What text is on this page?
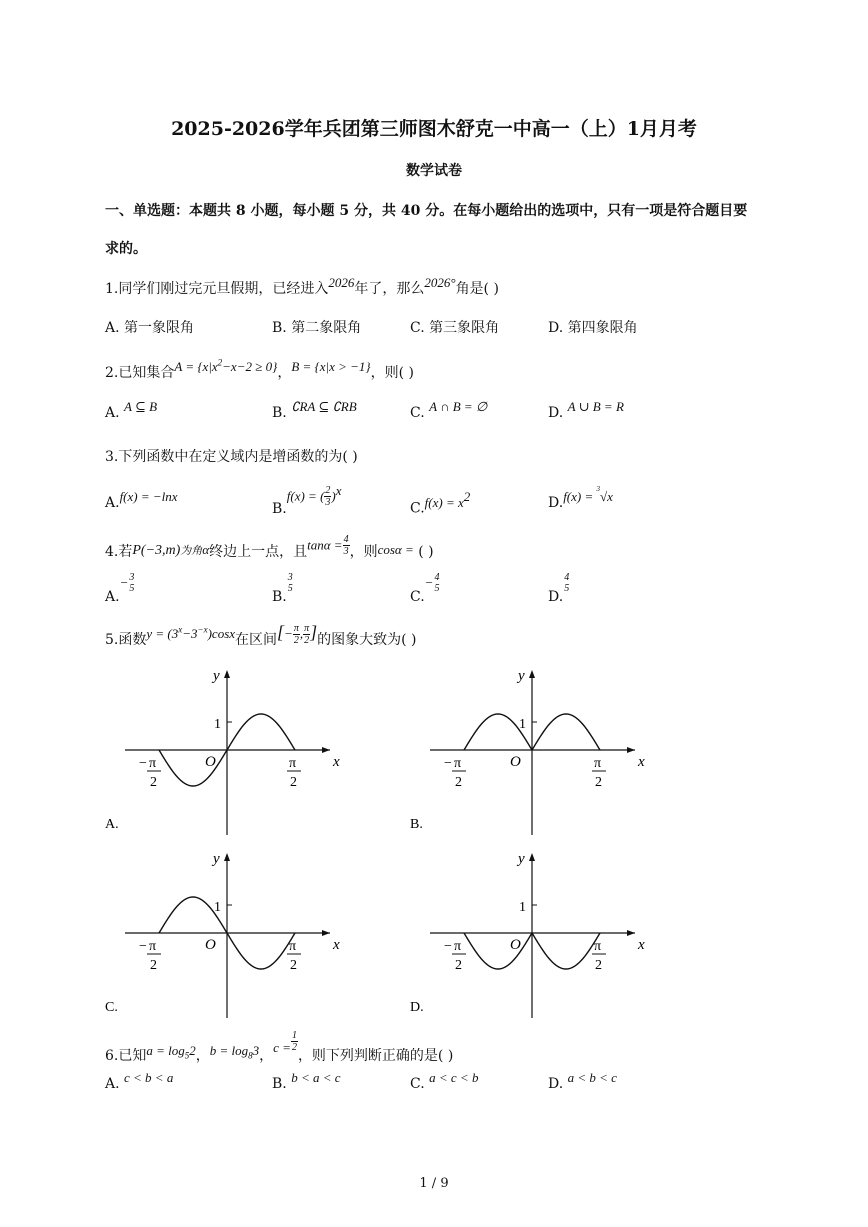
2025-2026学年兵团第三师图木舒克一中高一（上）1月月考
数学试卷
一、单选题：本题共 8 小题，每小题 5 分，共 40 分。在每小题给出的选项中，只有一项是符合题目要
求的。
1.同学们刚过完元旦假期，已经进入2026年了，那么2026°角是( )
A. 第一象限角	B. 第二象限角	C. 第三象限角	D. 第四象限角
2.已知集合$A = \{x|x^2-x-2 \ge 0\}$，B = {x|x > −1}，则( )
A. A ⊆ B	B. ∁RA ⊆ ∁RB	C. A ∩ B = ∅	D. A ∪ B = R
3.下列函数中在定义域内是增函数的为( )
A.f(x) = −lnx
B.f(x) = ( $\frac{2}{3} )^x$
$C.f(x) = x^2$	D.f(x) = $^3$√x
4.若$P(-3,m)_{为角}\alpha$终边上一点，且$\tan\alpha = \frac{4}{3}$ ，则cosα = ( )
A.− 3
5
B.
3
5
C.− 4
5
D.
4
5
5.函数$y = (3^x-3^{-x})\cos x$在区间[− $\frac{\pi}{2}$ , $\frac{\pi}{2}$ ]的图象大致为( )
y
x
O
1
− π
2
π
2
A.
y
x
O
1
− π
2
π
2
B.
y
x
O
1
− π
2
π
2
C.
y
x
O
1
− π
2
π
2
D.
6.已知$a = \log_52$，$b = \log_83$，$c = \frac{1}{2}$
，则下列判断正确的是( )
A. c < b < a	B. b < a < c	C. a < c < b	D. a < b < c
1 / 9
